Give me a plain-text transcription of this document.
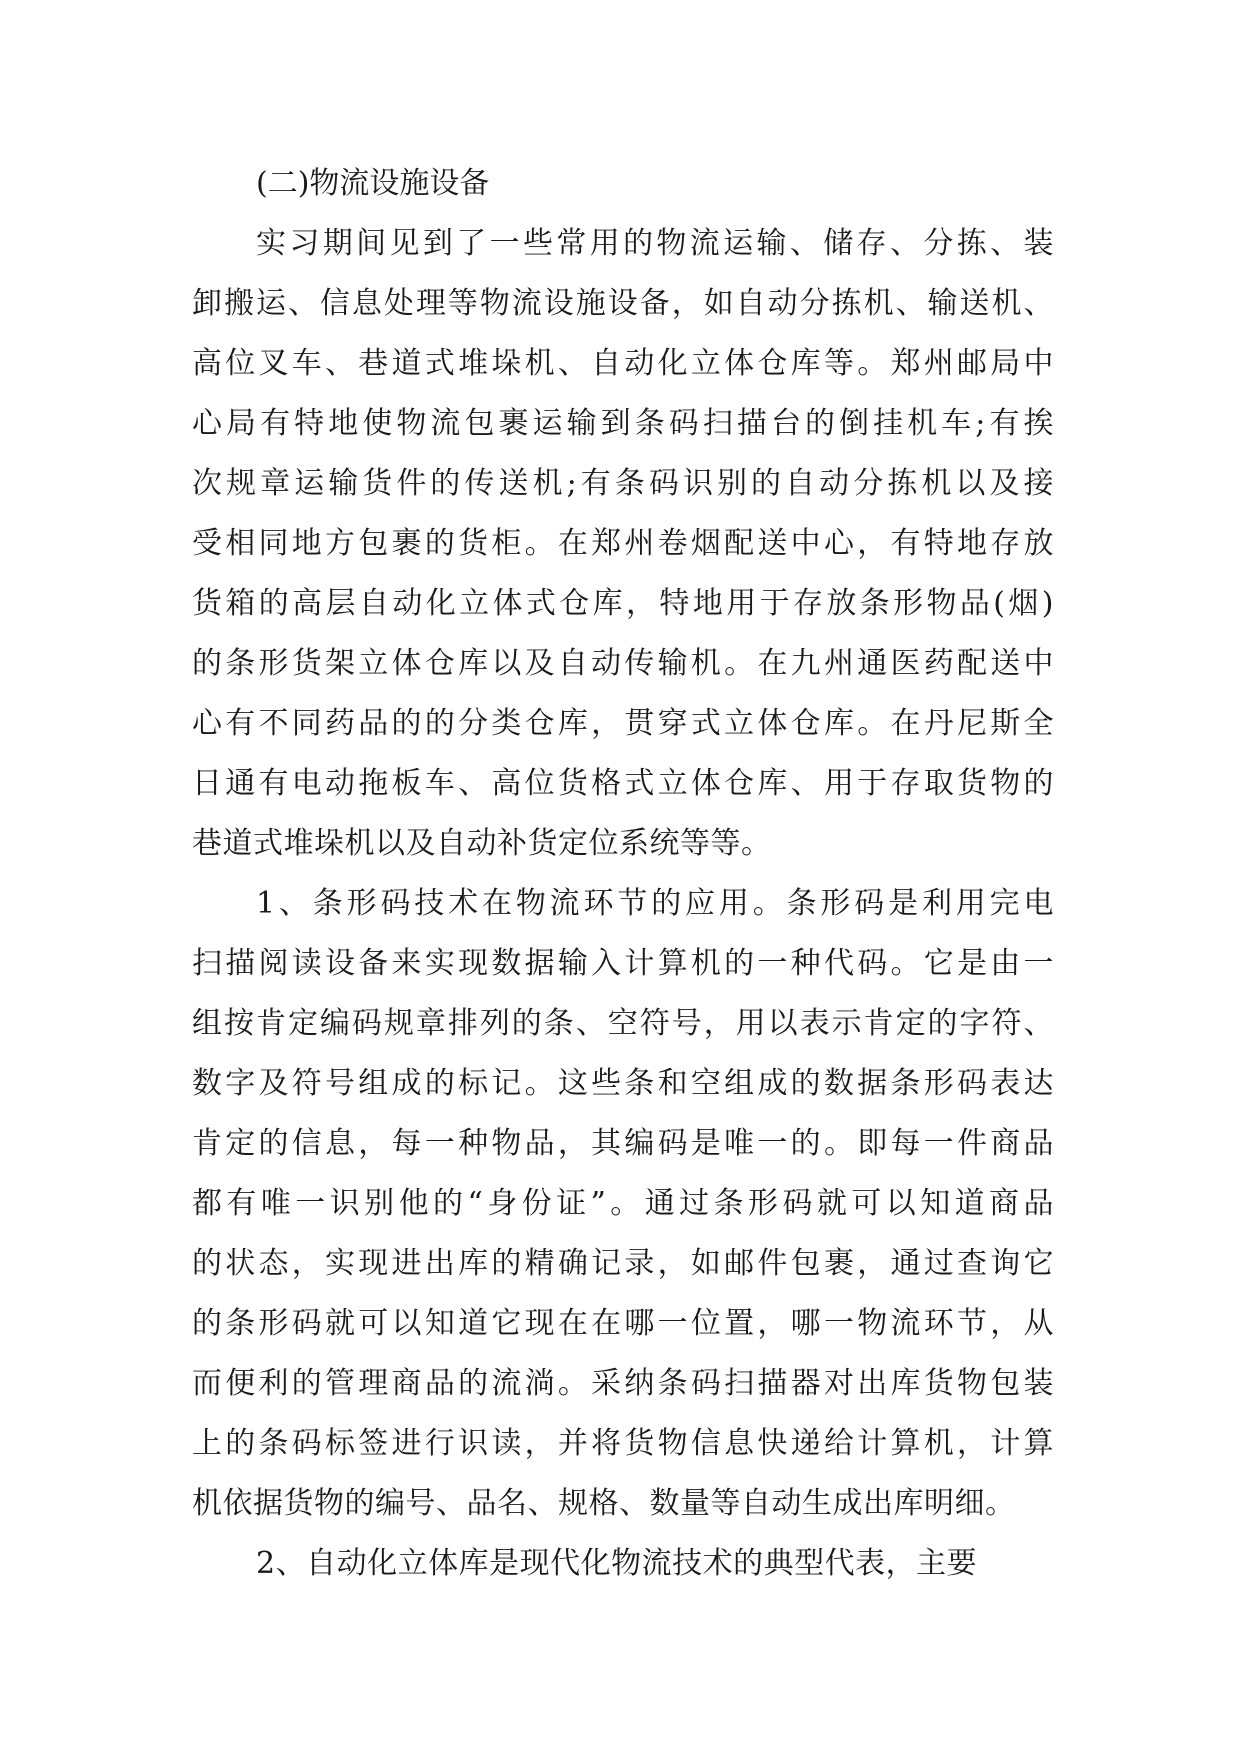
(二)物流设施设备
实习期间见到了一些常用的物流运输、储存、分拣、装
卸搬运、信息处理等物流设施设备，如自动分拣机、输送机、
高位叉车、巷道式堆垛机、自动化立体仓库等。郑州邮局中
心局有特地使物流包裹运输到条码扫描台的倒挂机车;有挨
次规章运输货件的传送机;有条码识别的自动分拣机以及接
受相同地方包裹的货柜。在郑州卷烟配送中心，有特地存放
货箱的高层自动化立体式仓库，特地用于存放条形物品(烟)
的条形货架立体仓库以及自动传输机。在九州通医药配送中
心有不同药品的的分类仓库，贯穿式立体仓库。在丹尼斯全
日通有电动拖板车、高位货格式立体仓库、用于存取货物的
巷道式堆垛机以及自动补货定位系统等等。
1、条形码技术在物流环节的应用。条形码是利用完电
扫描阅读设备来实现数据输入计算机的一种代码。它是由一
组按肯定编码规章排列的条、空符号，用以表示肯定的字符、
数字及符号组成的标记。这些条和空组成的数据条形码表达
肯定的信息，每一种物品，其编码是唯一的。即每一件商品
都有唯一识别他的“身份证”。通过条形码就可以知道商品
的状态，实现进出库的精确记录，如邮件包裹，通过查询它
的条形码就可以知道它现在在哪一位置，哪一物流环节，从
而便利的管理商品的流淌。采纳条码扫描器对出库货物包装
上的条码标签进行识读，并将货物信息快递给计算机，计算
机依据货物的编号、品名、规格、数量等自动生成出库明细。
2、自动化立体库是现代化物流技术的典型代表，主要
